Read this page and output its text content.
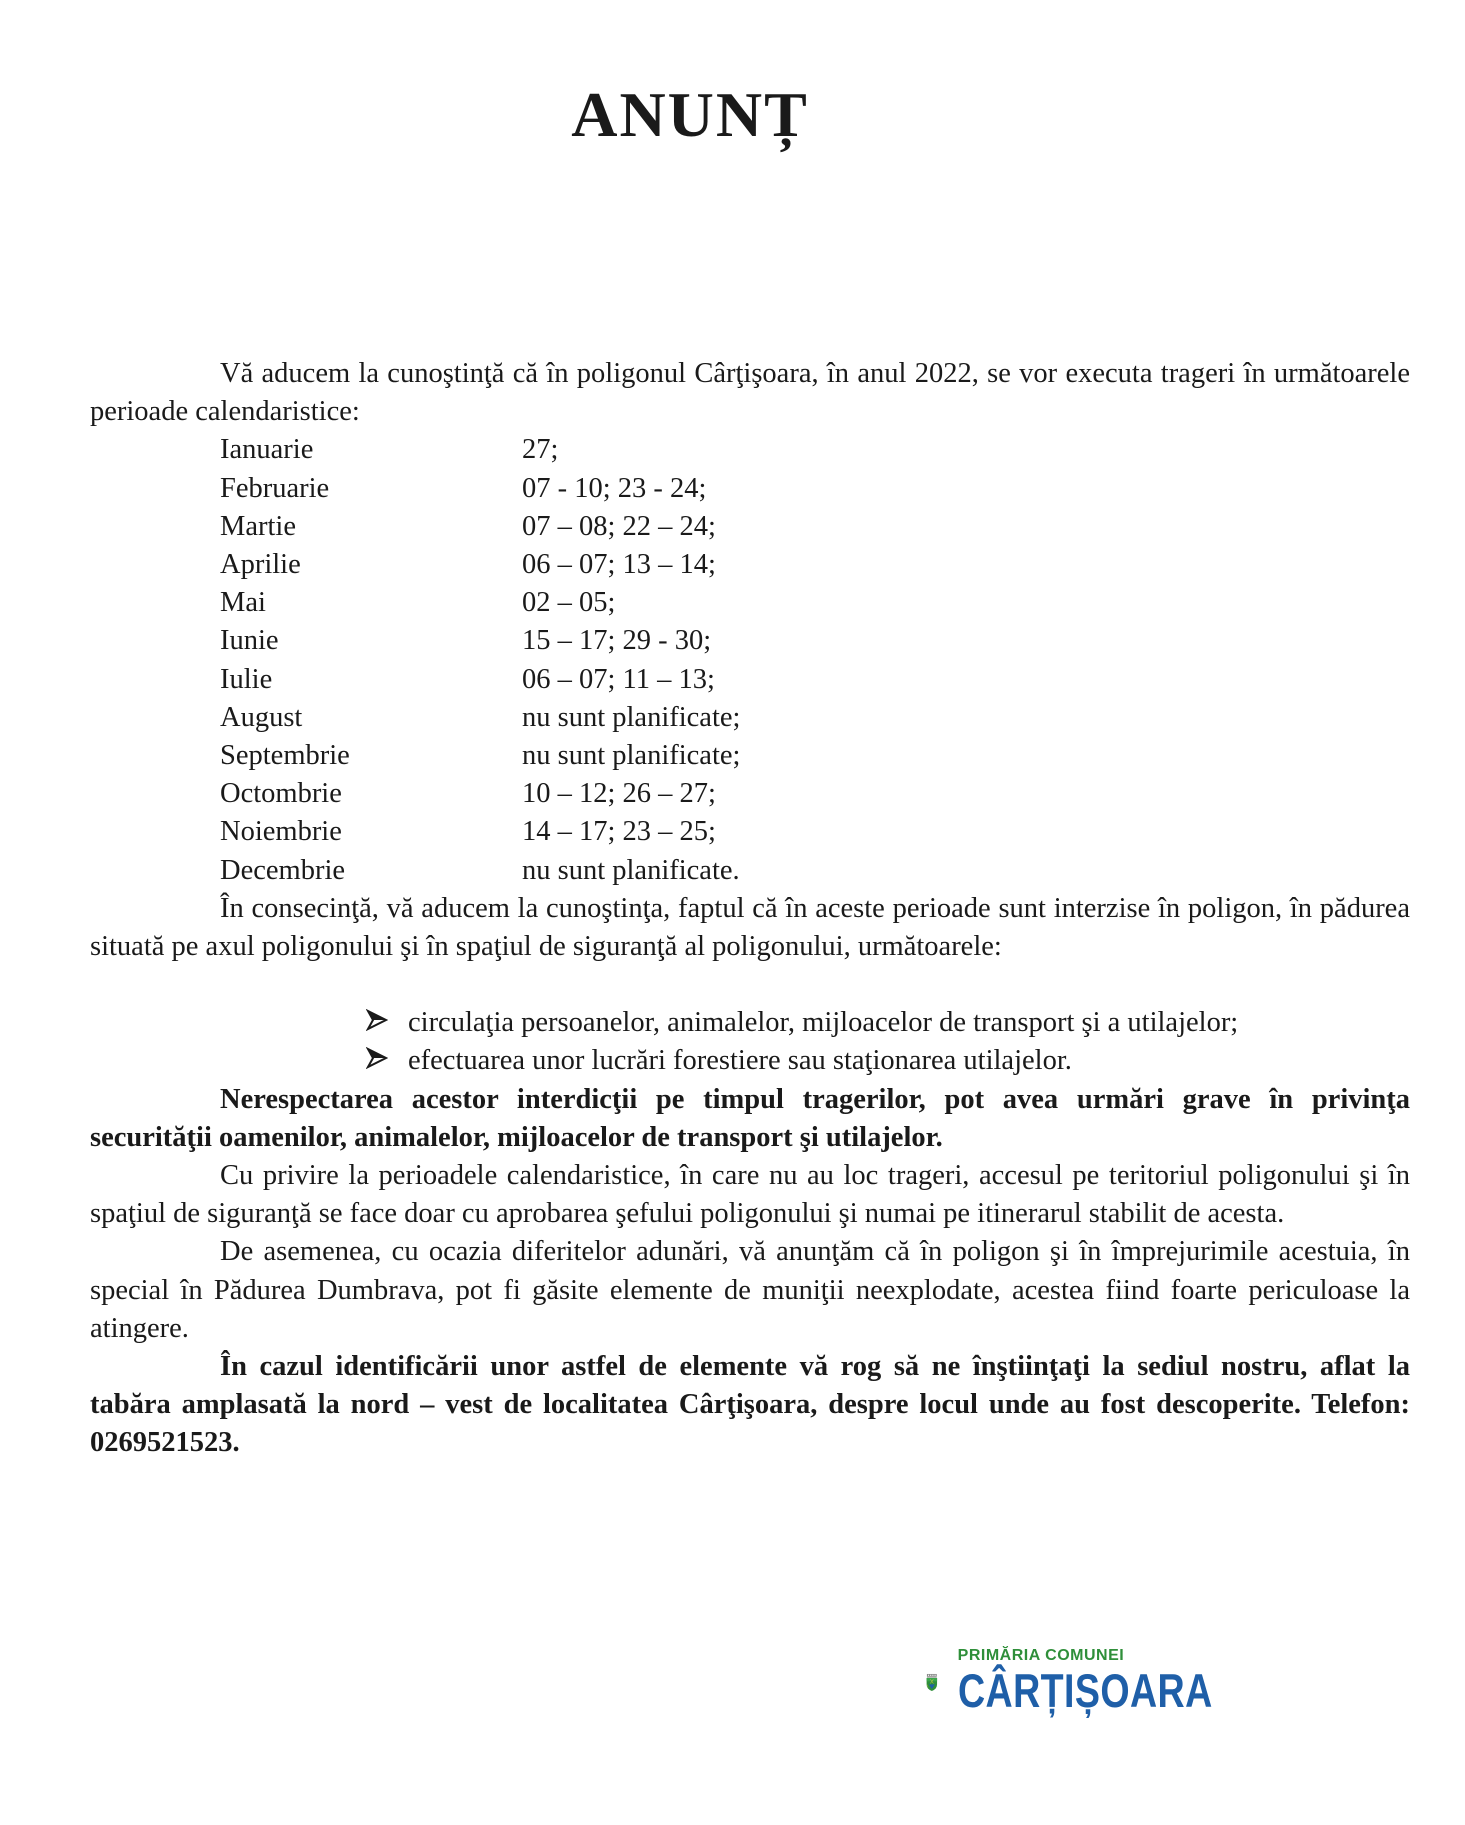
ANUNȚ

Vă aducem la cunoştinţă că în poligonul Cârţişoara, în anul 2022, se vor executa trageri în următoarele perioade calendaristice:

Ianuarie	27;
Februarie	07 - 10; 23 - 24;
Martie	07 – 08; 22 – 24;
Aprilie	06 – 07; 13 – 14;
Mai	02 – 05;
Iunie	15 – 17; 29 - 30;
Iulie	06 – 07; 11 – 13;
August	nu sunt planificate;
Septembrie	nu sunt planificate;
Octombrie	10 – 12; 26 – 27;
Noiembrie	14 – 17; 23 – 25;
Decembrie	nu sunt planificate.

În consecinţă, vă aducem la cunoştinţa, faptul că în aceste perioade sunt interzise în poligon, în pădurea situată pe axul poligonului şi în spaţiul de siguranţă al poligonului, următoarele:

circulaţia persoanelor, animalelor, mijloacelor de transport şi a utilajelor;
efectuarea unor lucrări forestiere sau staţionarea utilajelor.

Nerespectarea acestor interdicţii pe timpul tragerilor, pot avea urmări grave în privinţa securităţii oamenilor, animalelor, mijloacelor de transport şi utilajelor.

Cu privire la perioadele calendaristice, în care nu au loc trageri, accesul pe teritoriul poligonului şi în spaţiul de siguranţă se face doar cu aprobarea şefului poligonului şi numai pe itinerarul stabilit de acesta.

De asemenea, cu ocazia diferitelor adunări, vă anunţăm că în poligon şi în împrejurimile acestuia, în special în Pădurea Dumbrava, pot fi găsite elemente de muniţii neexplodate, acestea fiind foarte periculoase la atingere.

În cazul identificării unor astfel de elemente vă rog să ne înştiinţaţi la sediul nostru, aflat la tabăra amplasată la nord – vest de localitatea Cârţişoara, despre locul unde au fost descoperite. Telefon: 0269521523.

PRIMĂRIA COMUNEI
CÂRȚIȘOARA
